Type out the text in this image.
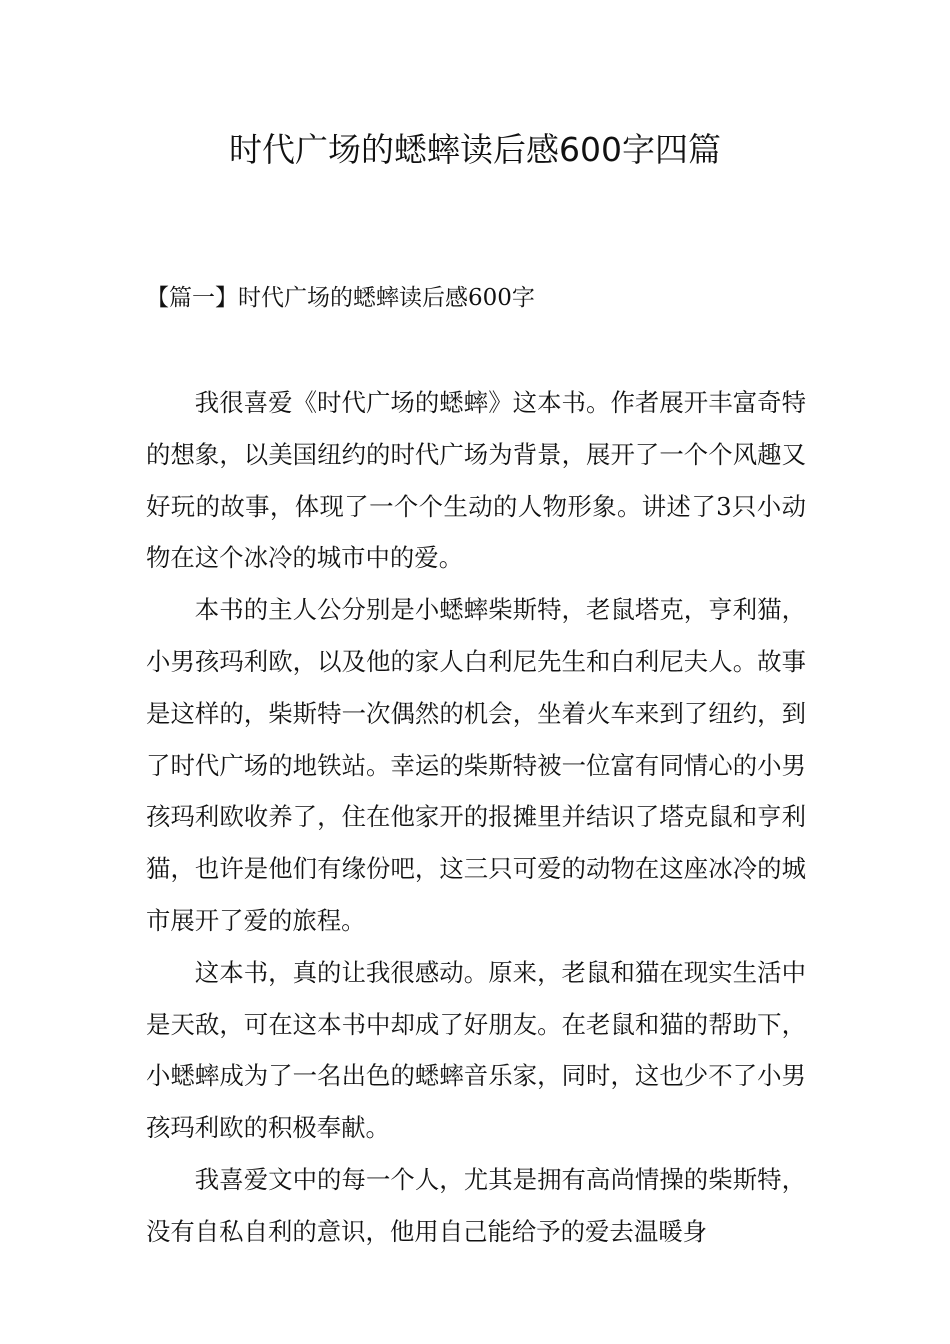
时代广场的蟋蟀读后感600字四篇
【篇一】时代广场的蟋蟀读后感600字

我很喜爱《时代广场的蟋蟀》这本书。作者展开丰富奇特的想象，以美国纽约的时代广场为背景，展开了一个个风趣又好玩的故事，体现了一个个生动的人物形象。讲述了3只小动物在这个冰冷的城市中的爱。

本书的主人公分别是小蟋蟀柴斯特，老鼠塔克，亨利猫，小男孩玛利欧，以及他的家人白利尼先生和白利尼夫人。故事是这样的，柴斯特一次偶然的机会，坐着火车来到了纽约，到了时代广场的地铁站。幸运的柴斯特被一位富有同情心的小男孩玛利欧收养了，住在他家开的报摊里并结识了塔克鼠和亨利猫，也许是他们有缘份吧，这三只可爱的动物在这座冰冷的城市展开了爱的旅程。

这本书，真的让我很感动。原来，老鼠和猫在现实生活中是天敌，可在这本书中却成了好朋友。在老鼠和猫的帮助下，小蟋蟀成为了一名出色的蟋蟀音乐家，同时，这也少不了小男孩玛利欧的积极奉献。

我喜爱文中的每一个人，尤其是拥有高尚情操的柴斯特，没有自私自利的意识，他用自己能给予的爱去温暖身
